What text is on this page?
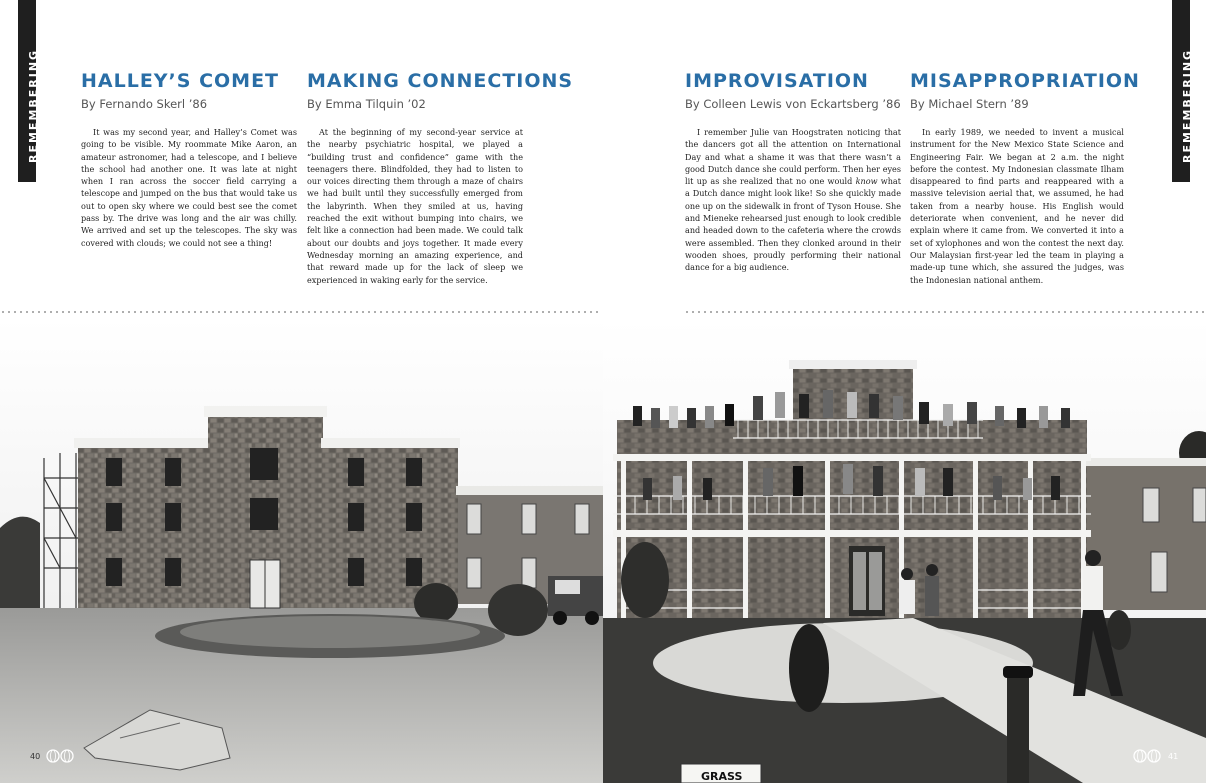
REMEMBERING	REMEMBERING
HALLEY’S COMET
By Fernando Skerl ’86

It was my second year, and Halley’s Comet was going to be visible. My roommate Mike Aaron, an amateur astronomer, had a telescope, and I believe the school had another one. It was late at night when I ran across the soccer field carrying a telescope and jumped on the bus that would take us out to open sky where we could best see the comet pass by. The drive was long and the air was chilly. We arrived and set up the telescopes. The sky was covered with clouds; we could not see a thing!

MAKING CONNECTIONS
By Emma Tilquin ’02

At the beginning of my second-year service at the nearby psychiatric hospital, we played a “building trust and confidence” game with the teenagers there. Blindfolded, they had to listen to our voices directing them through a maze of chairs we had built until they successfully emerged from the labyrinth. When they smiled at us, having reached the exit without bumping into chairs, we felt like a connection had been made. We could talk about our doubts and joys together. It made every Wednesday morning an amazing experience, and that reward made up for the lack of sleep we experienced in waking early for the service.

IMPROVISATION
By Colleen Lewis von Eckartsberg ’86

I remember Julie van Hoogstraten noticing that the dancers got all the attention on International Day and what a shame it was that there wasn’t a good Dutch dance she could perform. Then her eyes lit up as she realized that no one would know what a Dutch dance might look like! So she quickly made one up on the sidewalk in front of Tyson House. She and Mieneke rehearsed just enough to look credible and headed down to the cafeteria where the crowds were assembled. Then they clonked around in their wooden shoes, proudly performing their national dance for a big audience.

MISAPPROPRIATION
By Michael Stern ’89

In early 1989, we needed to invent a musical instrument for the New Mexico State Science and Engineering Fair. We began at 2 a.m. the night before the contest. My Indonesian classmate Ilham disappeared to find parts and reappeared with a massive television aerial that, we assumed, he had taken from a nearby house. His English would deteriorate when convenient, and he never did explain where it came from. We converted it into a set of xylophones and won the contest the next day. Our Malaysian first-year led the team in playing a made-up tune which, she assured the judges, was the Indonesian national anthem.

GRASS
40	41
